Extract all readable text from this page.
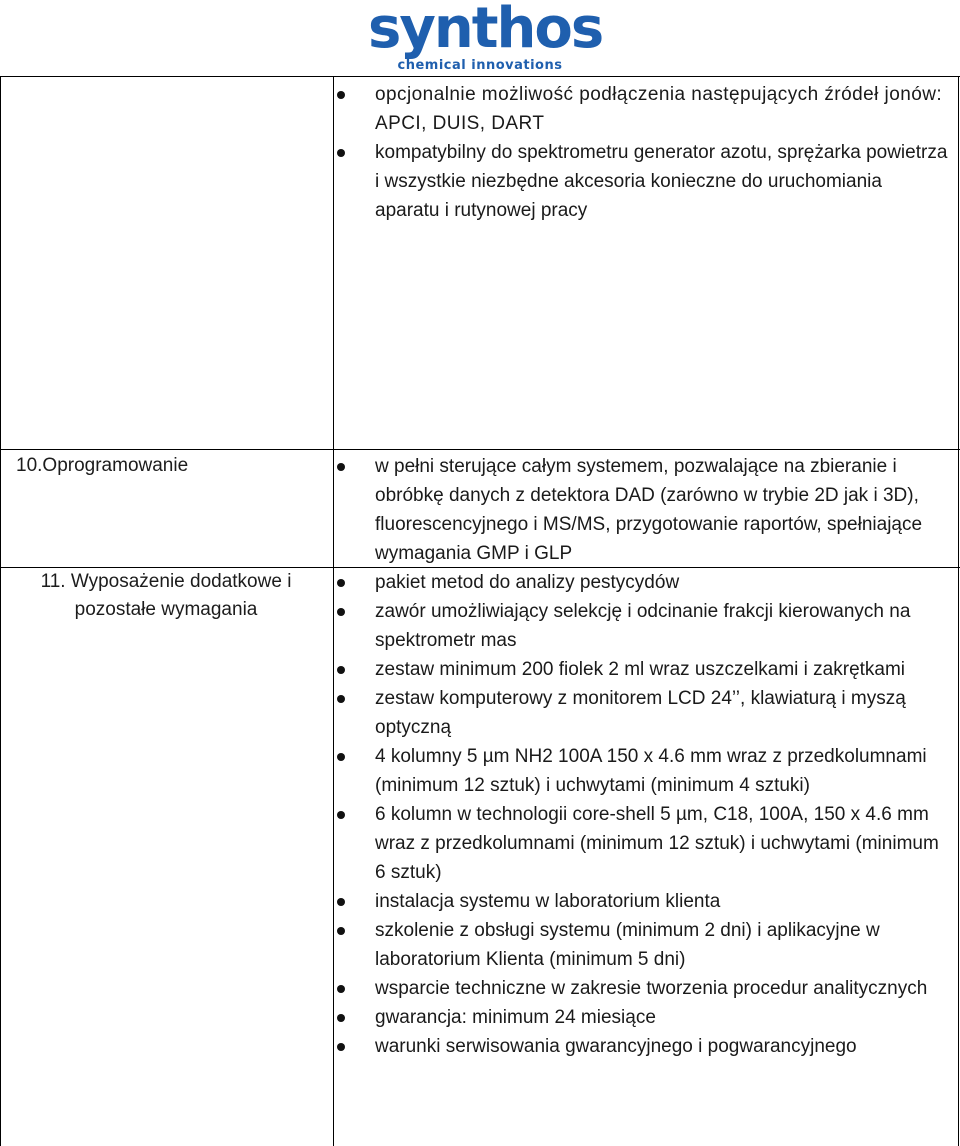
synthos
chemical innovations
opcjonalnie możliwość podłączenia następujących źródeł jonów: APCI, DUIS, DART
kompatybilny do spektrometru generator azotu, sprężarka powietrza i wszystkie niezbędne akcesoria konieczne do uruchomiania aparatu i rutynowej pracy
10.Oprogramowanie	w pełni sterujące całym systemem, pozwalające na zbieranie i obróbkę danych z detektora DAD (zarówno w trybie 2D jak i 3D), fluorescencyjnego i MS/MS, przygotowanie raportów, spełniające wymagania GMP i GLP
11. Wyposażenie dodatkowe i
pozostałe wymagania
pakiet metod do analizy pestycydów
zawór umożliwiający selekcję i odcinanie frakcji kierowanych na spektrometr mas
zestaw minimum 200 fiolek 2 ml wraz uszczelkami i zakrętkami
zestaw komputerowy z monitorem LCD 24’’, klawiaturą i myszą optyczną
4 kolumny 5 µm NH2 100A 150 x 4.6 mm wraz z przedkolumnami (minimum 12 sztuk) i uchwytami (minimum 4 sztuki)
6 kolumn w technologii core-shell 5 µm, C18, 100A, 150 x 4.6 mm wraz z przedkolumnami (minimum 12 sztuk) i uchwytami (minimum 6 sztuk)
instalacja systemu w laboratorium klienta
szkolenie z obsługi systemu (minimum 2 dni) i aplikacyjne w laboratorium Klienta (minimum 5 dni)
wsparcie techniczne w zakresie tworzenia procedur analitycznych
gwarancja: minimum 24 miesiące
warunki serwisowania gwarancyjnego i pogwarancyjnego
